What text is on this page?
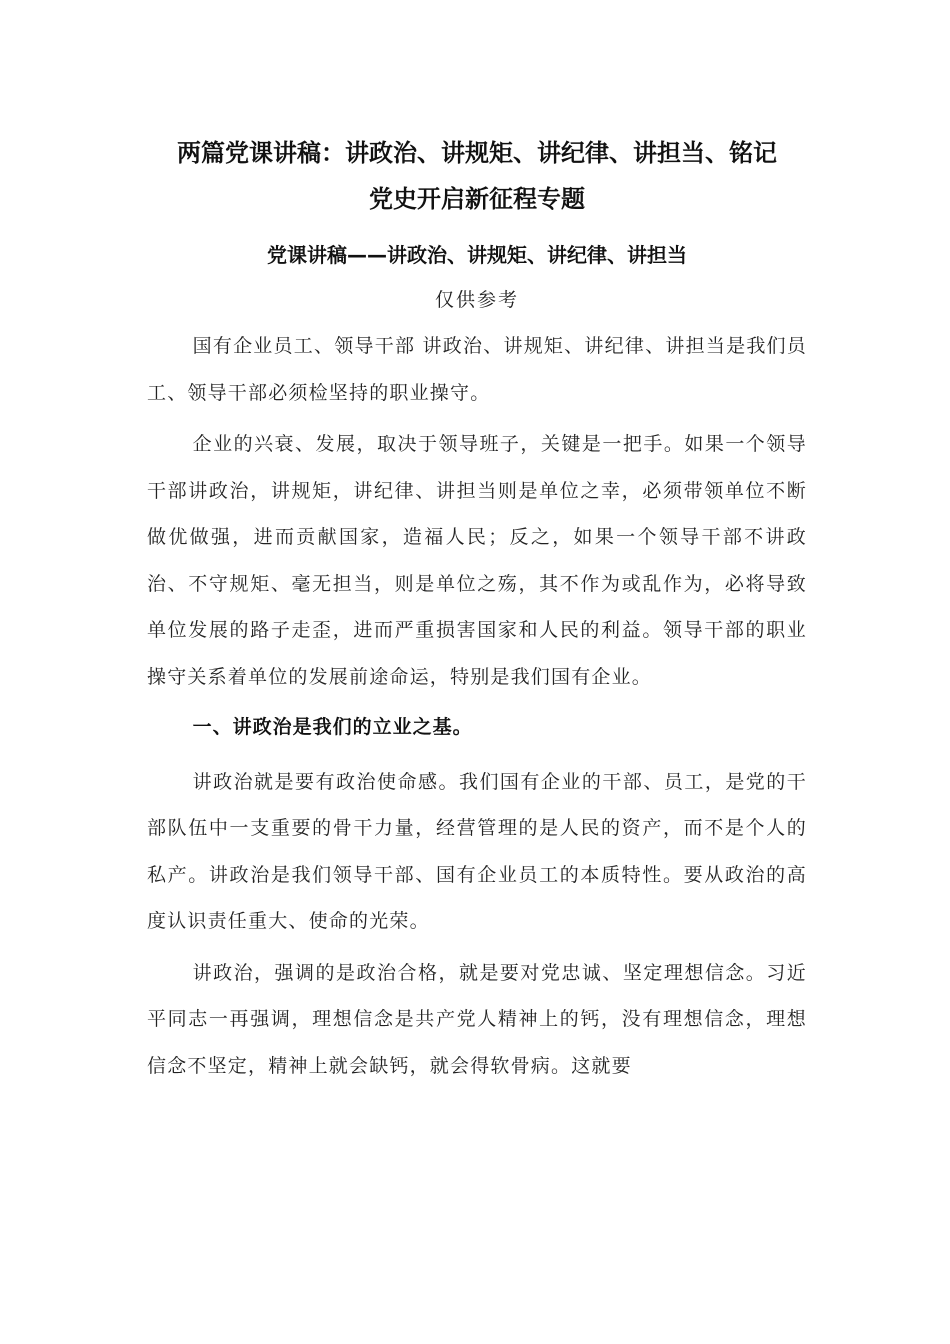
两篇党课讲稿：讲政治、讲规矩、讲纪律、讲担当、铭记
党史开启新征程专题
党课讲稿——讲政治、讲规矩、讲纪律、讲担当
仅供参考

国有企业员工、领导干部 讲政治、讲规矩、讲纪律、讲担当是我们员工、领导干部必须检坚持的职业操守。

企业的兴衰、发展，取决于领导班子，关键是一把手。如果一个领导干部讲政治，讲规矩，讲纪律、讲担当则是单位之幸，必须带领单位不断做优做强，进而贡献国家，造福人民；反之，如果一个领导干部不讲政治、不守规矩、毫无担当，则是单位之殇，其不作为或乱作为，必将导致单位发展的路子走歪，进而严重损害国家和人民的利益。领导干部的职业操守关系着单位的发展前途命运，特别是我们国有企业。

一、讲政治是我们的立业之基。

讲政治就是要有政治使命感。我们国有企业的干部、员工，是党的干部队伍中一支重要的骨干力量，经营管理的是人民的资产，而不是个人的私产。讲政治是我们领导干部、国有企业员工的本质特性。要从政治的高度认识责任重大、使命的光荣。

讲政治，强调的是政治合格，就是要对党忠诚、坚定理想信念。习近平同志一再强调，理想信念是共产党人精神上的钙，没有理想信念，理想信念不坚定，精神上就会缺钙，就会得软骨病。这就要
